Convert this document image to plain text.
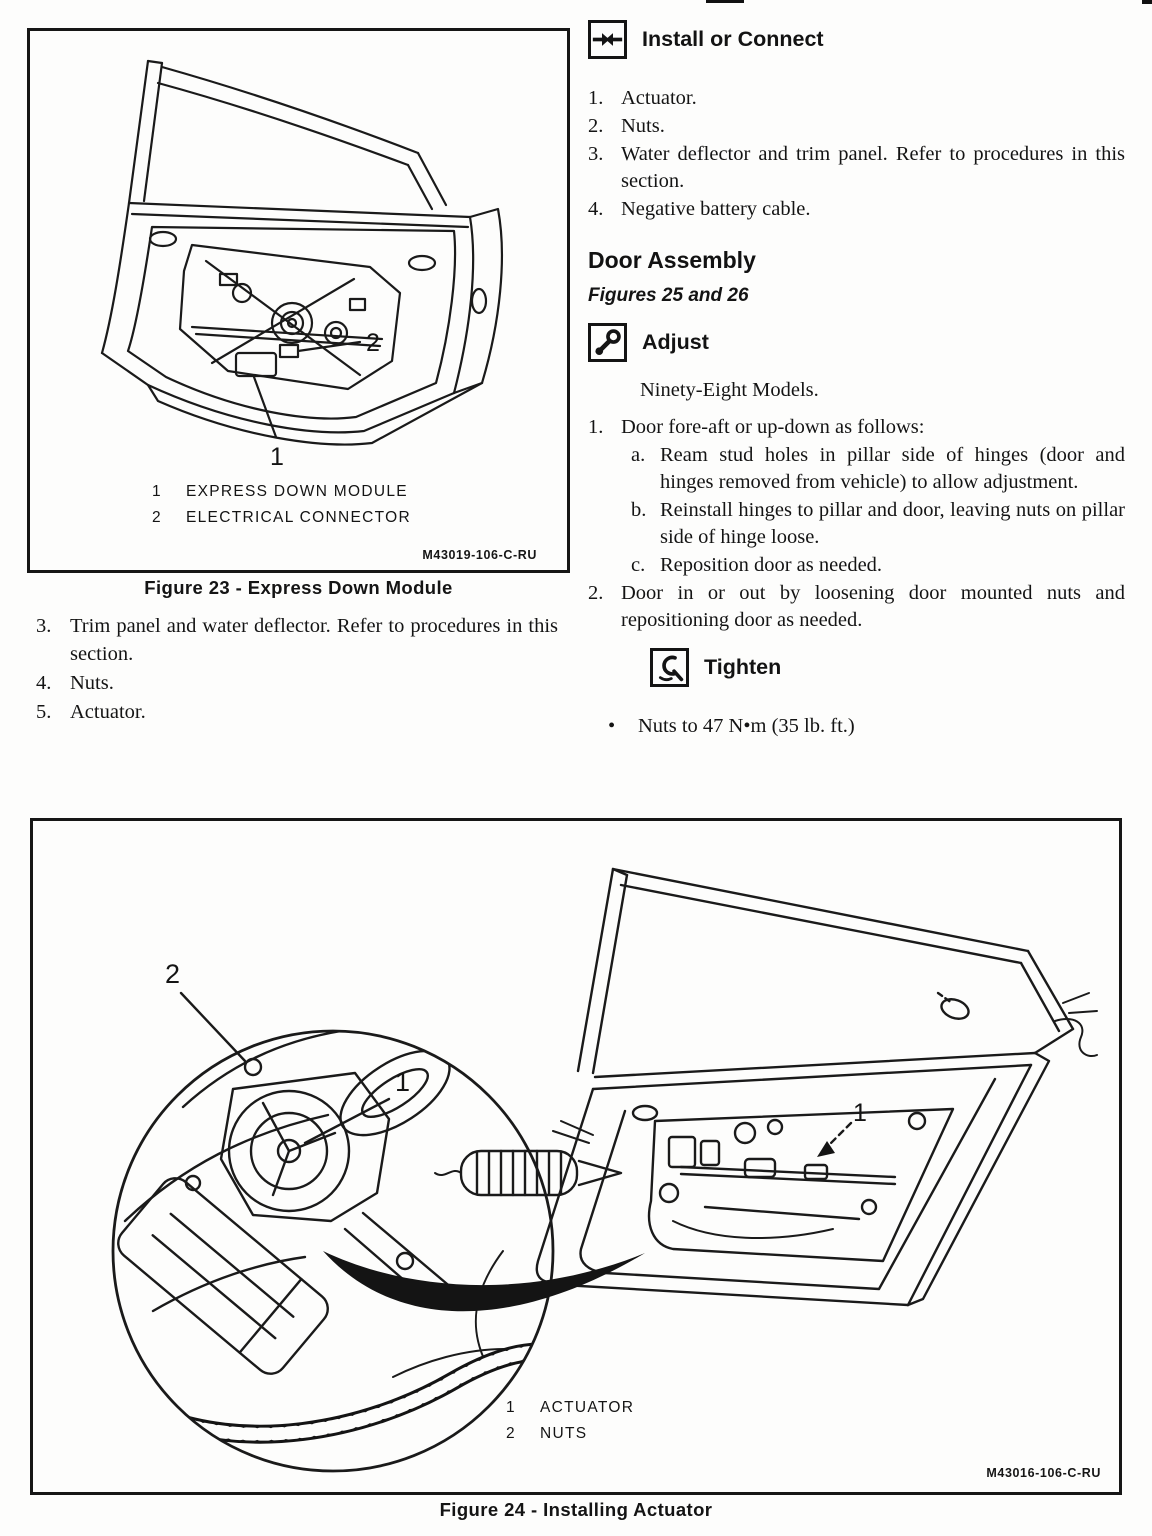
2
1
1	EXPRESS DOWN MODULE
2	ELECTRICAL CONNECTOR
M43019-106-C-RU
Figure 23 - Express Down Module
3. Trim panel and water deflector. Refer to procedures in this section.
4. Nuts.
5. Actuator.
Install or Connect
1. Actuator.
2. Nuts.
3. Water deflector and trim panel. Refer to procedures in this section.
4. Negative battery cable.
Door Assembly
Figures 25 and 26
Adjust
Ninety-Eight Models.
1. Door fore-aft or up-down as follows:
a. Ream stud holes in pillar side of hinges (door and hinges removed from vehicle) to allow adjustment.
b. Reinstall hinges to pillar and door, leaving nuts on pillar side of hinge loose.
c. Reposition door as needed.
2. Door in or out by loosening door mounted nuts and repositioning door as needed.
Tighten
•	Nuts to 47 N•m (35 lb. ft.)
2
1
1
1	ACTUATOR
2	NUTS
M43016-106-C-RU
Figure 24 - Installing Actuator
